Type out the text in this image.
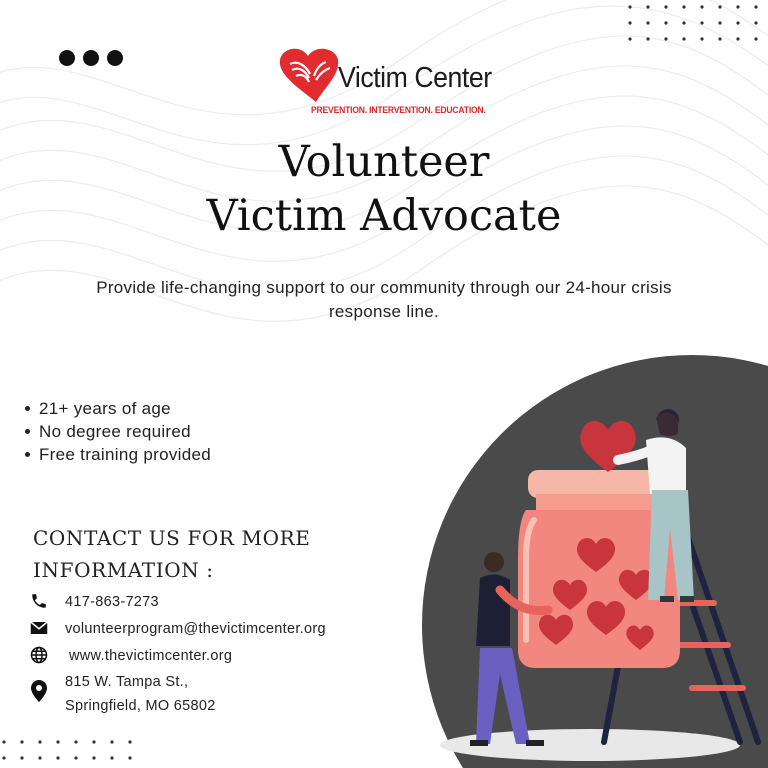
Victim Center
PREVENTION. INTERVENTION. EDUCATION.
Volunteer
Victim Advocate
Provide life-changing support to our community through our 24-hour crisis response line.
21+ years of age
No degree required
Free training provided
CONTACT US FOR MORE INFORMATION :
417-863-7273
volunteerprogram@thevictimcenter.org
www.thevictimcenter.org
815 W. Tampa St.,
Springfield, MO 65802
